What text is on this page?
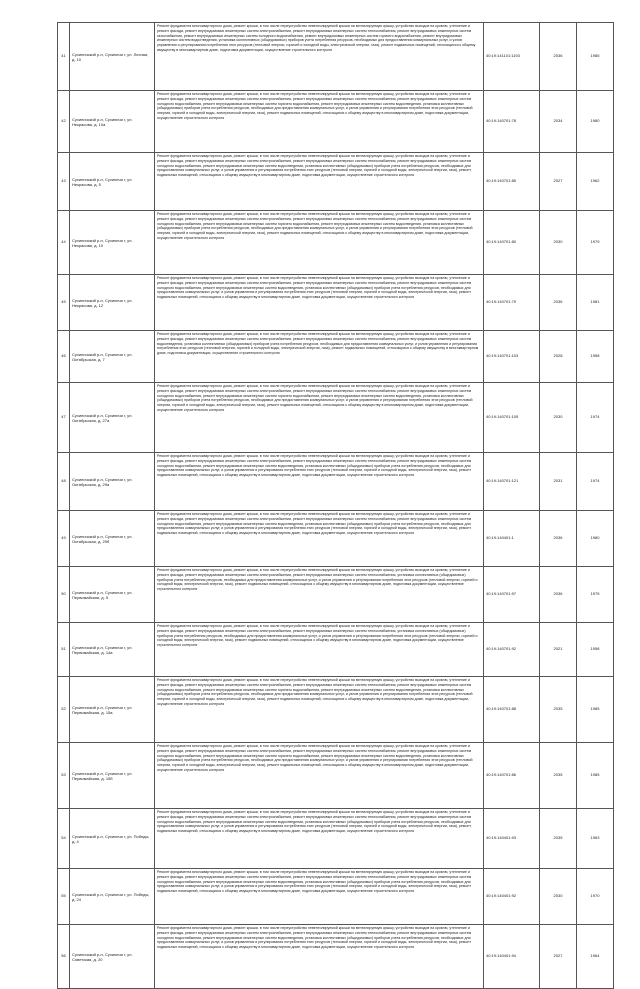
41	Сухиничский р-н, Сухиничи г, ул. Лесная, д. 10	Ремонт фундамента многоквартирного дома, ремонт крыши, в том числе переустройство невентилируемой крыши на вентилируемую крышу, устройство выходов на кровлю, утепление и ремонт фасада, ремонт внутридомовых инженерных систем электроснабжения, ремонт внутридомовых инженерных систем теплоснабжения, ремонт внутридомовых инженерных систем газоснабжения, ремонт внутридомовых инженерных систем холодного водоснабжения, ремонт внутридомовых инженерных систем горячего водоснабжения, ремонт внутридомовых инженерных систем водоотведения, установка коллективных (общедомовых) приборов учета потребления ресурсов, необходимых для предоставления коммунальных услуг, и узлов управления и регулирования потребления этих ресурсов (тепловой энергии, горячей и холодной воды, электрической энергии, газа), ремонт подвальных помещений, относящихся к общему имуществу в многоквартирном доме, подготовка документации, осуществление строительного контроля	40:19:141101:1193	2036	1985
42	Сухиничский р-н, Сухиничи г, ул. Некрасова, д. 10а	Ремонт фундамента многоквартирного дома, ремонт крыши, в том числе переустройство невентилируемой крыши на вентилируемую крышу, устройство выходов на кровлю, утепление и ремонт фасада, ремонт внутридомовых инженерных систем электроснабжения, ремонт внутридомовых инженерных систем теплоснабжения, ремонт внутридомовых инженерных систем холодного водоснабжения, ремонт внутридомовых инженерных систем горячего водоснабжения, ремонт внутридомовых инженерных систем водоотведения, установка коллективных (общедомовых) приборов учета потребления ресурсов, необходимых для предоставления коммунальных услуг, и узлов управления и регулирования потребления этих ресурсов (тепловой энергии, горячей и холодной воды, электрической энергии, газа), ремонт подвальных помещений, относящихся к общему имуществу в многоквартирном доме, подготовка документации, осуществление строительного контроля	40:19:140701:78	2034	1980
43	Сухиничский р-н, Сухиничи г, ул. Некрасова, д. 5	Ремонт фундамента многоквартирного дома, ремонт крыши, в том числе переустройство невентилируемой крыши на вентилируемую крышу, устройство выходов на кровлю, утепление и ремонт фасада, ремонт внутридомовых инженерных систем электроснабжения, ремонт внутридомовых инженерных систем теплоснабжения, ремонт внутридомовых инженерных систем холодного водоснабжения, ремонт внутридомовых инженерных систем водоотведения, установка коллективных (общедомовых) приборов учета потребления ресурсов, необходимых для предоставления коммунальных услуг, и узлов управления и регулирования потребления этих ресурсов (тепловой энергии, горячей и холодной воды, электрической энергии, газа), ремонт подвальных помещений, относящихся к общему имуществу в многоквартирном доме, подготовка документации, осуществление строительного контроля	40:19:140701:85	2027	1962
44	Сухиничский р-н, Сухиничи г, ул. Некрасова, д. 10	Ремонт фундамента многоквартирного дома, ремонт крыши, в том числе переустройство невентилируемой крыши на вентилируемую крышу, устройство выходов на кровлю, утепление и ремонт фасада, ремонт внутридомовых инженерных систем электроснабжения, ремонт внутридомовых инженерных систем теплоснабжения, ремонт внутридомовых инженерных систем холодного водоснабжения, ремонт внутридомовых инженерных систем горячего водоснабжения, ремонт внутридомовых инженерных систем водоотведения, установка коллективных (общедомовых) приборов учета потребления ресурсов, необходимых для предоставления коммунальных услуг, и узлов управления и регулирования потребления этих ресурсов (тепловой энергии, горячей и холодной воды, электрической энергии, газа), ремонт подвальных помещений, относящихся к общему имуществу в многоквартирном доме, подготовка документации, осуществление строительного контроля	40:19:140701:80	2030	1979
45	Сухиничский р-н, Сухиничи г, ул. Некрасова, д. 12	Ремонт фундамента многоквартирного дома, ремонт крыши, в том числе переустройство невентилируемой крыши на вентилируемую крышу, устройство выходов на кровлю, утепление и ремонт фасада, ремонт внутридомовых инженерных систем электроснабжения, ремонт внутридомовых инженерных систем теплоснабжения, ремонт внутридомовых инженерных систем холодного водоснабжения, ремонт внутридомовых инженерных систем водоотведения, установка коллективных (общедомовых) приборов учета потребления ресурсов, необходимых для предоставления коммунальных услуг, и узлов управления и регулирования потребления этих ресурсов (тепловой энергии, горячей и холодной воды, электрической энергии, газа), ремонт подвальных помещений, относящихся к общему имуществу в многоквартирном доме, подготовка документации, осуществление строительного контроля	40:19:140701:79	2036	1981
46	Сухиничский р-н, Сухиничи г, ул. Октябрьская, д. 7	Ремонт фундамента многоквартирного дома, ремонт крыши, в том числе переустройство невентилируемой крыши на вентилируемую крышу, устройство выходов на кровлю, утепление и ремонт фасада, ремонт внутридомовых инженерных систем электроснабжения, ремонт внутридомовых инженерных систем теплоснабжения, ремонт внутридомовых инженерных систем водоотведения, установка коллективных (общедомовых) приборов учета потребления ресурсов, необходимых для предоставления коммунальных услуг, и узлов управления и регулирования потребления этих ресурсов (тепловой энергии, горячей и холодной воды, электрической энергии, газа), ремонт подвальных помещений, относящихся к общему имуществу в многоквартирном доме, подготовка документации, осуществление строительного контроля	40:19:140701:103	2028	1958
47	Сухиничский р-н, Сухиничи г, ул. Октябрьская, д. 27а	Ремонт фундамента многоквартирного дома, ремонт крыши, в том числе переустройство невентилируемой крыши на вентилируемую крышу, устройство выходов на кровлю, утепление и ремонт фасада, ремонт внутридомовых инженерных систем электроснабжения, ремонт внутридомовых инженерных систем теплоснабжения, ремонт внутридомовых инженерных систем холодного водоснабжения, ремонт внутридомовых инженерных систем горячего водоснабжения, ремонт внутридомовых инженерных систем водоотведения, установка коллективных (общедомовых) приборов учета потребления ресурсов, необходимых для предоставления коммунальных услуг, и узлов управления и регулирования потребления этих ресурсов (тепловой энергии, горячей и холодной воды, электрической энергии, газа), ремонт подвальных помещений, относящихся к общему имуществу в многоквартирном доме, подготовка документации, осуществление строительного контроля	40:19:140701:105	2030	1974
48	Сухиничский р-н, Сухиничи г, ул. Октябрьская, д. 29а	Ремонт фундамента многоквартирного дома, ремонт крыши, в том числе переустройство невентилируемой крыши на вентилируемую крышу, устройство выходов на кровлю, утепление и ремонт фасада, ремонт внутридомовых инженерных систем электроснабжения, ремонт внутридомовых инженерных систем теплоснабжения, ремонт внутридомовых инженерных систем холодного водоснабжения, ремонт внутридомовых инженерных систем водоотведения, установка коллективных (общедомовых) приборов учета потребления ресурсов, необходимых для предоставления коммунальных услуг, и узлов управления и регулирования потребления этих ресурсов (тепловой энергии, горячей и холодной воды, электрической энергии, газа), ремонт подвальных помещений, относящихся к общему имуществу в многоквартирном доме, подготовка документации, осуществление строительного контроля	40:19:140701:121	2031	1974
49	Сухиничский р-н, Сухиничи г, ул. Октябрьская, д. 29б	Ремонт фундамента многоквартирного дома, ремонт крыши, в том числе переустройство невентилируемой крыши на вентилируемую крышу, устройство выходов на кровлю, утепление и ремонт фасада, ремонт внутридомовых инженерных систем электроснабжения, ремонт внутридомовых инженерных систем теплоснабжения, ремонт внутридомовых инженерных систем холодного водоснабжения, ремонт внутридомовых инженерных систем водоотведения, установка коллективных (общедомовых) приборов учета потребления ресурсов, необходимых для предоставления коммунальных услуг, и узлов управления и регулирования потребления этих ресурсов (тепловой энергии, горячей и холодной воды, электрической энергии, газа), ремонт подвальных помещений, относящихся к общему имуществу в многоквартирном доме, подготовка документации, осуществление строительного контроля	40:19:140401:1	2036	1980
50	Сухиничский р-н, Сухиничи г, ул. Первомайская, д. 5	Ремонт фундамента многоквартирного дома, ремонт крыши, в том числе переустройство невентилируемой крыши на вентилируемую крышу, устройство выходов на кровлю, утепление и ремонт фасада, ремонт внутридомовых инженерных систем электроснабжения, ремонт внутридомовых инженерных систем теплоснабжения, установка коллективных (общедомовых) приборов учета потребления ресурсов, необходимых для предоставления коммунальных услуг, и узлов управления и регулирования потребления этих ресурсов (тепловой энергии, горячей и холодной воды, электрической энергии, газа), ремонт подвальных помещений, относящихся к общему имуществу в многоквартирном доме, подготовка документации, осуществление строительного контроля	40:19:140701:97	2036	1975
51	Сухиничский р-н, Сухиничи г, ул. Первомайская, д. 14а	Ремонт фундамента многоквартирного дома, ремонт крыши, в том числе переустройство невентилируемой крыши на вентилируемую крышу, устройство выходов на кровлю, утепление и ремонт фасада, ремонт внутридомовых инженерных систем электроснабжения, ремонт внутридомовых инженерных систем теплоснабжения, установка коллективных (общедомовых) приборов учета потребления ресурсов, необходимых для предоставления коммунальных услуг, и узлов управления и регулирования потребления этих ресурсов (тепловой энергии, горячей и холодной воды, электрической энергии, газа), ремонт подвальных помещений, относящихся к общему имуществу в многоквартирном доме, подготовка документации, осуществление строительного контроля	40:19:140701:92	2021	1958
52	Сухиничский р-н, Сухиничи г, ул. Первомайская, д. 15а	Ремонт фундамента многоквартирного дома, ремонт крыши, в том числе переустройство невентилируемой крыши на вентилируемую крышу, устройство выходов на кровлю, утепление и ремонт фасада, ремонт внутридомовых инженерных систем электроснабжения, ремонт внутридомовых инженерных систем теплоснабжения, ремонт внутридомовых инженерных систем холодного водоснабжения, ремонт внутридомовых инженерных систем горячего водоснабжения, ремонт внутридомовых инженерных систем водоотведения, установка коллективных (общедомовых) приборов учета потребления ресурсов, необходимых для предоставления коммунальных услуг, и узлов управления и регулирования потребления этих ресурсов (тепловой энергии, горячей и холодной воды, электрической энергии, газа), ремонт подвальных помещений, относящихся к общему имуществу в многоквартирном доме, подготовка документации, осуществление строительного контроля	40:19:140701:88	2035	1985
53	Сухиничский р-н, Сухиничи г, ул. Первомайская, д. 15б	Ремонт фундамента многоквартирного дома, ремонт крыши, в том числе переустройство невентилируемой крыши на вентилируемую крышу, устройство выходов на кровлю, утепление и ремонт фасада, ремонт внутридомовых инженерных систем электроснабжения, ремонт внутридомовых инженерных систем теплоснабжения, ремонт внутридомовых инженерных систем холодного водоснабжения, ремонт внутридомовых инженерных систем горячего водоснабжения, ремонт внутридомовых инженерных систем водоотведения, установка коллективных (общедомовых) приборов учета потребления ресурсов, необходимых для предоставления коммунальных услуг, и узлов управления и регулирования потребления этих ресурсов (тепловой энергии, горячей и холодной воды, электрической энергии, газа), ремонт подвальных помещений, относящихся к общему имуществу в многоквартирном доме, подготовка документации, осуществление строительного контроля	40:19:140701:86	2035	1985
54	Сухиничский р-н, Сухиничи г, ул. Победы, д. 4	Ремонт фундамента многоквартирного дома, ремонт крыши, в том числе переустройство невентилируемой крыши на вентилируемую крышу, устройство выходов на кровлю, утепление и ремонт фасада, ремонт внутридомовых инженерных систем электроснабжения, ремонт внутридомовых инженерных систем теплоснабжения, ремонт внутридомовых инженерных систем холодного водоснабжения, ремонт внутридомовых инженерных систем водоотведения, установка коллективных (общедомовых) приборов учета потребления ресурсов, необходимых для предоставления коммунальных услуг, и узлов управления и регулирования потребления этих ресурсов (тепловой энергии, горячей и холодной воды, электрической энергии, газа), ремонт подвальных помещений, относящихся к общему имуществу в многоквартирном доме, подготовка документации, осуществление строительного контроля	40:19:140401:93	2035	1963
55	Сухиничский р-н, Сухиничи г, ул. Победы, д. 24	Ремонт фундамента многоквартирного дома, ремонт крыши, в том числе переустройство невентилируемой крыши на вентилируемую крышу, устройство выходов на кровлю, утепление и ремонт фасада, ремонт внутридомовых инженерных систем электроснабжения, ремонт внутридомовых инженерных систем теплоснабжения, ремонт внутридомовых инженерных систем холодного водоснабжения, ремонт внутридомовых инженерных систем водоотведения, установка коллективных (общедомовых) приборов учета потребления ресурсов, необходимых для предоставления коммунальных услуг, и узлов управления и регулирования потребления этих ресурсов (тепловой энергии, горячей и холодной воды, электрической энергии, газа), ремонт подвальных помещений, относящихся к общему имуществу в многоквартирном доме, подготовка документации, осуществление строительного контроля	40:19:140401:92	2030	1970
56	Сухиничский р-н, Сухиничи г, ул. Советская, д. 20	Ремонт фундамента многоквартирного дома, ремонт крыши, в том числе переустройство невентилируемой крыши на вентилируемую крышу, устройство выходов на кровлю, утепление и ремонт фасада, ремонт внутридомовых инженерных систем электроснабжения, ремонт внутридомовых инженерных систем теплоснабжения, ремонт внутридомовых инженерных систем холодного водоснабжения, ремонт внутридомовых инженерных систем водоотведения, установка коллективных (общедомовых) приборов учета потребления ресурсов, необходимых для предоставления коммунальных услуг, и узлов управления и регулирования потребления этих ресурсов (тепловой энергии, горячей и холодной воды, электрической энергии, газа), ремонт подвальных помещений, относящихся к общему имуществу в многоквартирном доме, подготовка документации, осуществление строительного контроля	40:19:140401:94	2027	1964
